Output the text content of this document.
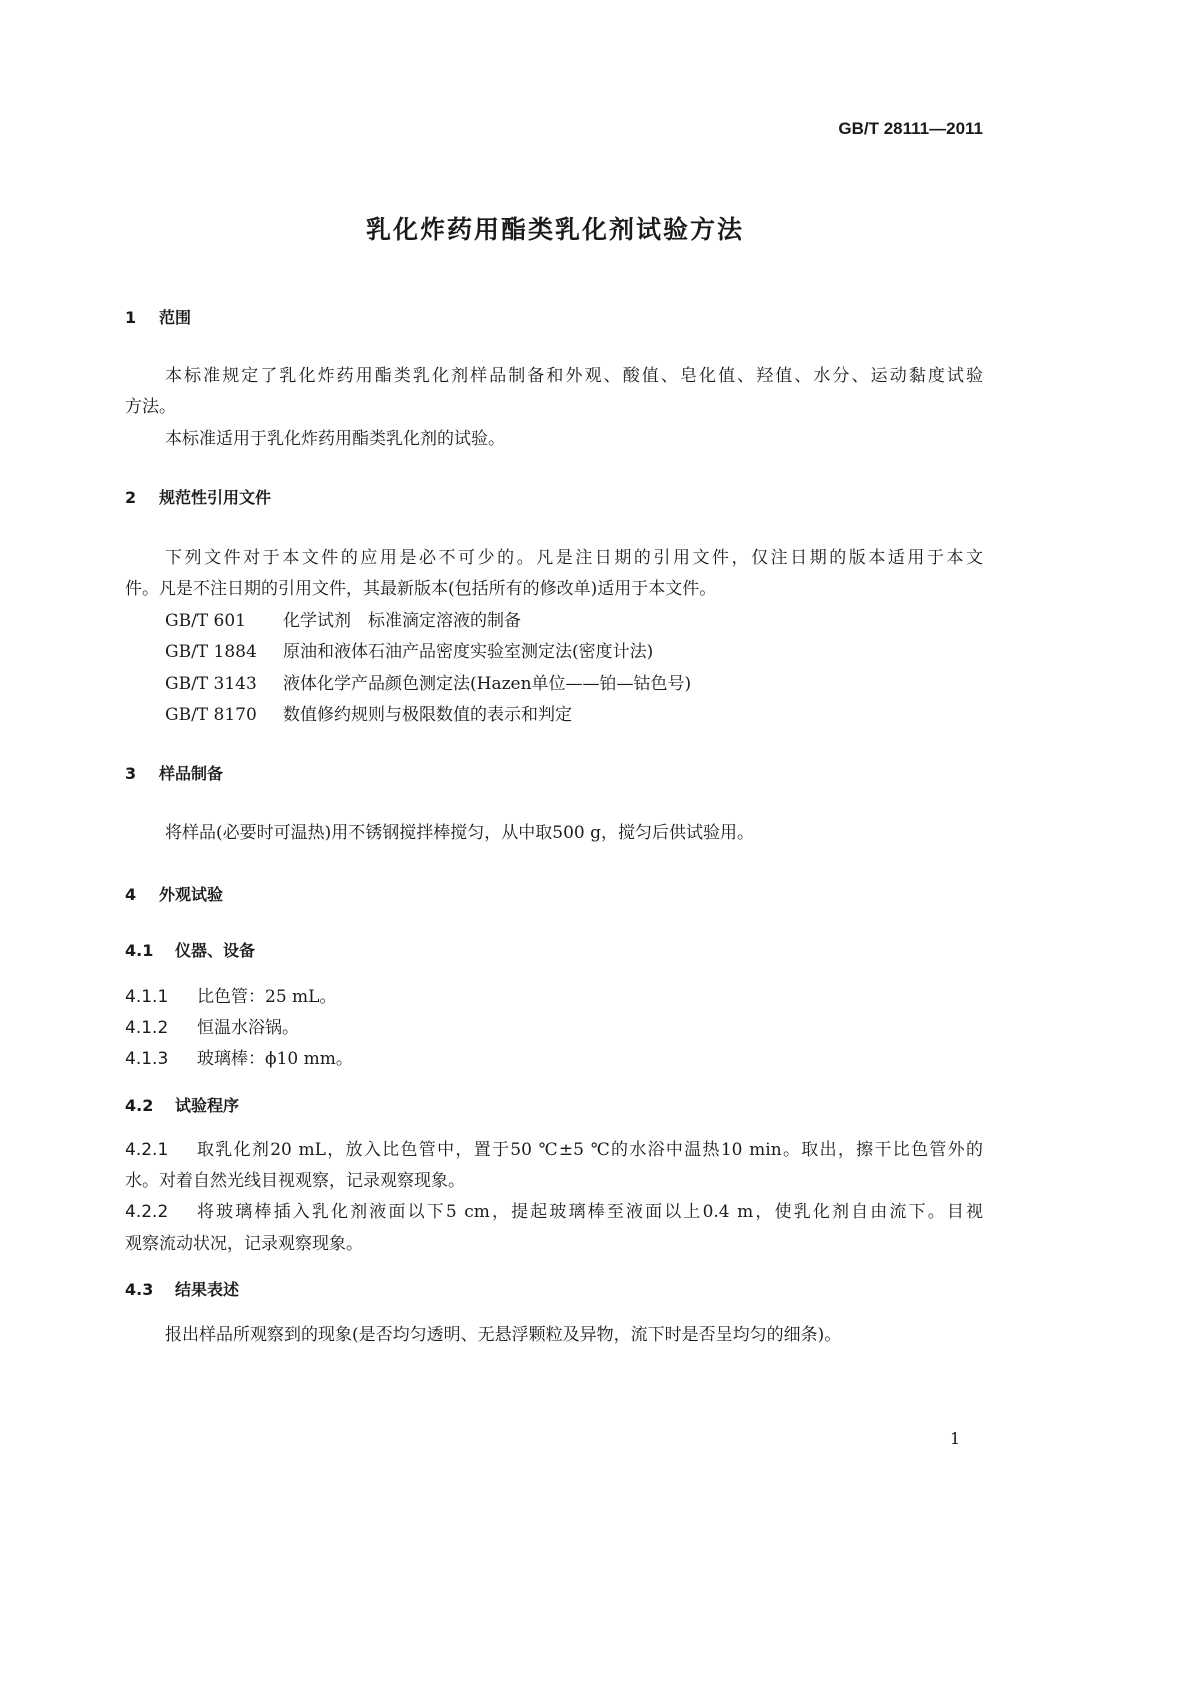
GB/T 28111—2011
乳化炸药用酯类乳化剂试验方法
1 范围
本标准规定了乳化炸药用酯类乳化剂样品制备和外观、酸值、皂化值、羟值、水分、运动黏度试验
方法。
本标准适用于乳化炸药用酯类乳化剂的试验。
2 规范性引用文件
下列文件对于本文件的应用是必不可少的。凡是注日期的引用文件，仅注日期的版本适用于本文
件。凡是不注日期的引用文件，其最新版本(包括所有的修改单)适用于本文件。
GB/T 601 化学试剂　标准滴定溶液的制备
GB/T 1884 原油和液体石油产品密度实验室测定法(密度计法)
GB/T 3143 液体化学产品颜色测定法(Hazen单位——铂—钴色号)
GB/T 8170 数值修约规则与极限数值的表示和判定
3 样品制备
将样品(必要时可温热)用不锈钢搅拌棒搅匀，从中取500 g，搅匀后供试验用。
4 外观试验
4.1 仪器、设备
4.1.1 比色管：25 mL。
4.1.2 恒温水浴锅。
4.1.3 玻璃棒：ϕ10 mm。
4.2 试验程序
4.2.1	取乳化剂20 mL，放入比色管中，置于50 ℃±5 ℃的水浴中温热10 min。取出，擦干比色管外的
水。对着自然光线目视观察，记录观察现象。
4.2.2	将玻璃棒插入乳化剂液面以下5 cm，提起玻璃棒至液面以上0.4 m，使乳化剂自由流下。目视
观察流动状况，记录观察现象。
4.3 结果表述
报出样品所观察到的现象(是否均匀透明、无悬浮颗粒及异物，流下时是否呈均匀的细条)。
1
